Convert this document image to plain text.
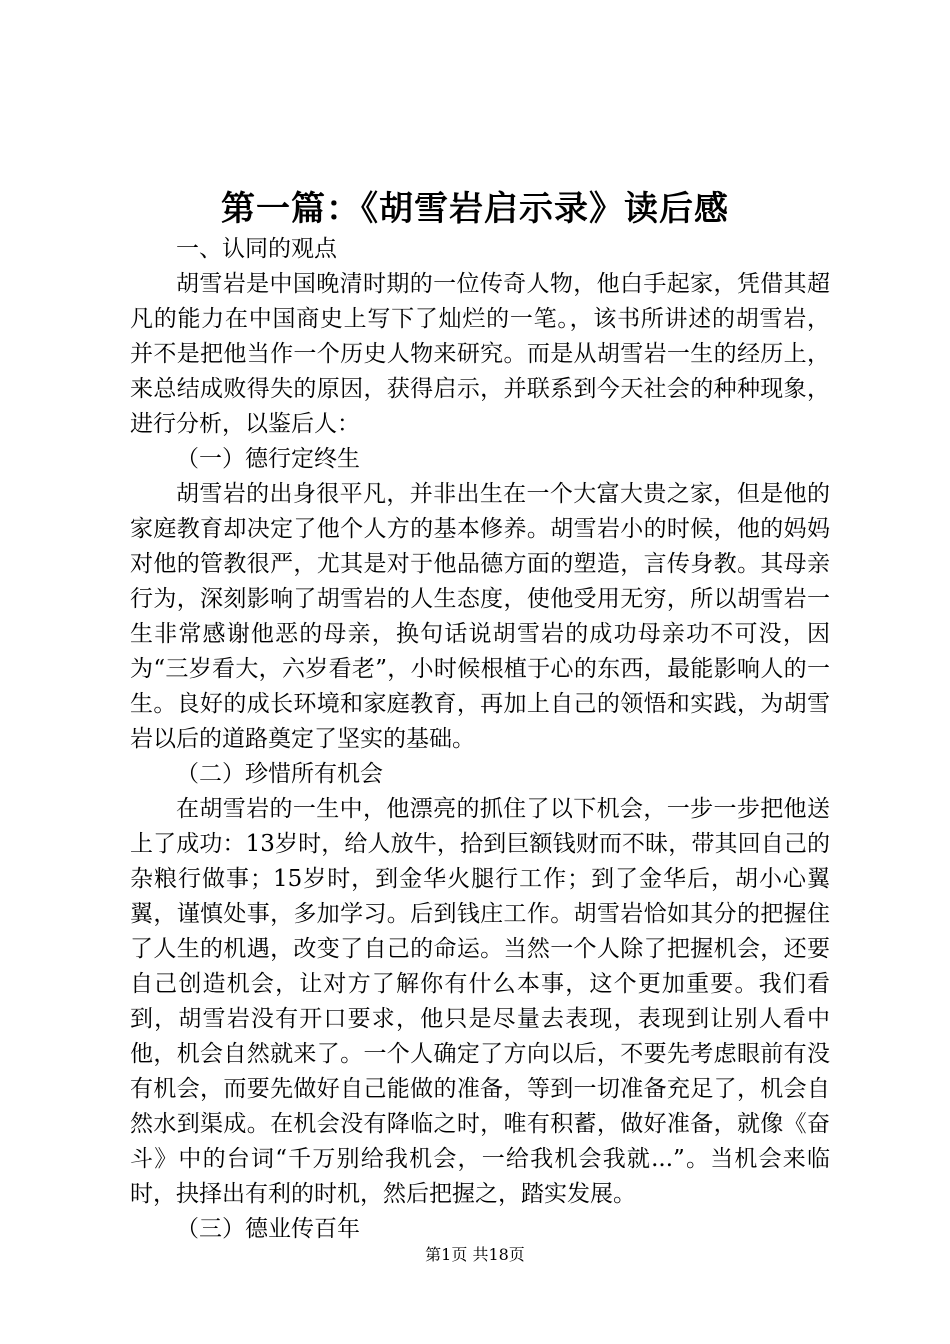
第一篇：《胡雪岩启示录》读后感

一、认同的观点

胡雪岩是中国晚清时期的一位传奇人物，他白手起家，凭借其超凡的能力在中国商史上写下了灿烂的一笔。，该书所讲述的胡雪岩，并不是把他当作一个历史人物来研究。而是从胡雪岩一生的经历上，来总结成败得失的原因，获得启示，并联系到今天社会的种种现象，进行分析，以鉴后人：

（一）德行定终生

胡雪岩的出身很平凡，并非出生在一个大富大贵之家，但是他的家庭教育却决定了他个人方的基本修养。胡雪岩小的时候，他的妈妈对他的管教很严，尤其是对于他品德方面的塑造，言传身教。其母亲行为，深刻影响了胡雪岩的人生态度，使他受用无穷，所以胡雪岩一生非常感谢他恶的母亲，换句话说胡雪岩的成功母亲功不可没，因为“三岁看大，六岁看老”，小时候根植于心的东西，最能影响人的一生。良好的成长环境和家庭教育，再加上自己的领悟和实践，为胡雪岩以后的道路奠定了坚实的基础。

（二）珍惜所有机会

在胡雪岩的一生中，他漂亮的抓住了以下机会，一步一步把他送上了成功：13岁时，给人放牛，拾到巨额钱财而不昧，带其回自己的杂粮行做事；15岁时，到金华火腿行工作；到了金华后，胡小心翼翼，谨慎处事，多加学习。后到钱庄工作。胡雪岩恰如其分的把握住了人生的机遇，改变了自己的命运。当然一个人除了把握机会，还要自己创造机会，让对方了解你有什么本事，这个更加重要。我们看到，胡雪岩没有开口要求，他只是尽量去表现，表现到让别人看中他，机会自然就来了。一个人确定了方向以后，不要先考虑眼前有没有机会，而要先做好自己能做的准备，等到一切准备充足了，机会自然水到渠成。在机会没有降临之时，唯有积蓄，做好准备，就像《奋斗》中的台词“千万别给我机会，一给我机会我就...”。当机会来临时，抉择出有利的时机，然后把握之，踏实发展。

（三）德业传百年

第1页 共18页
